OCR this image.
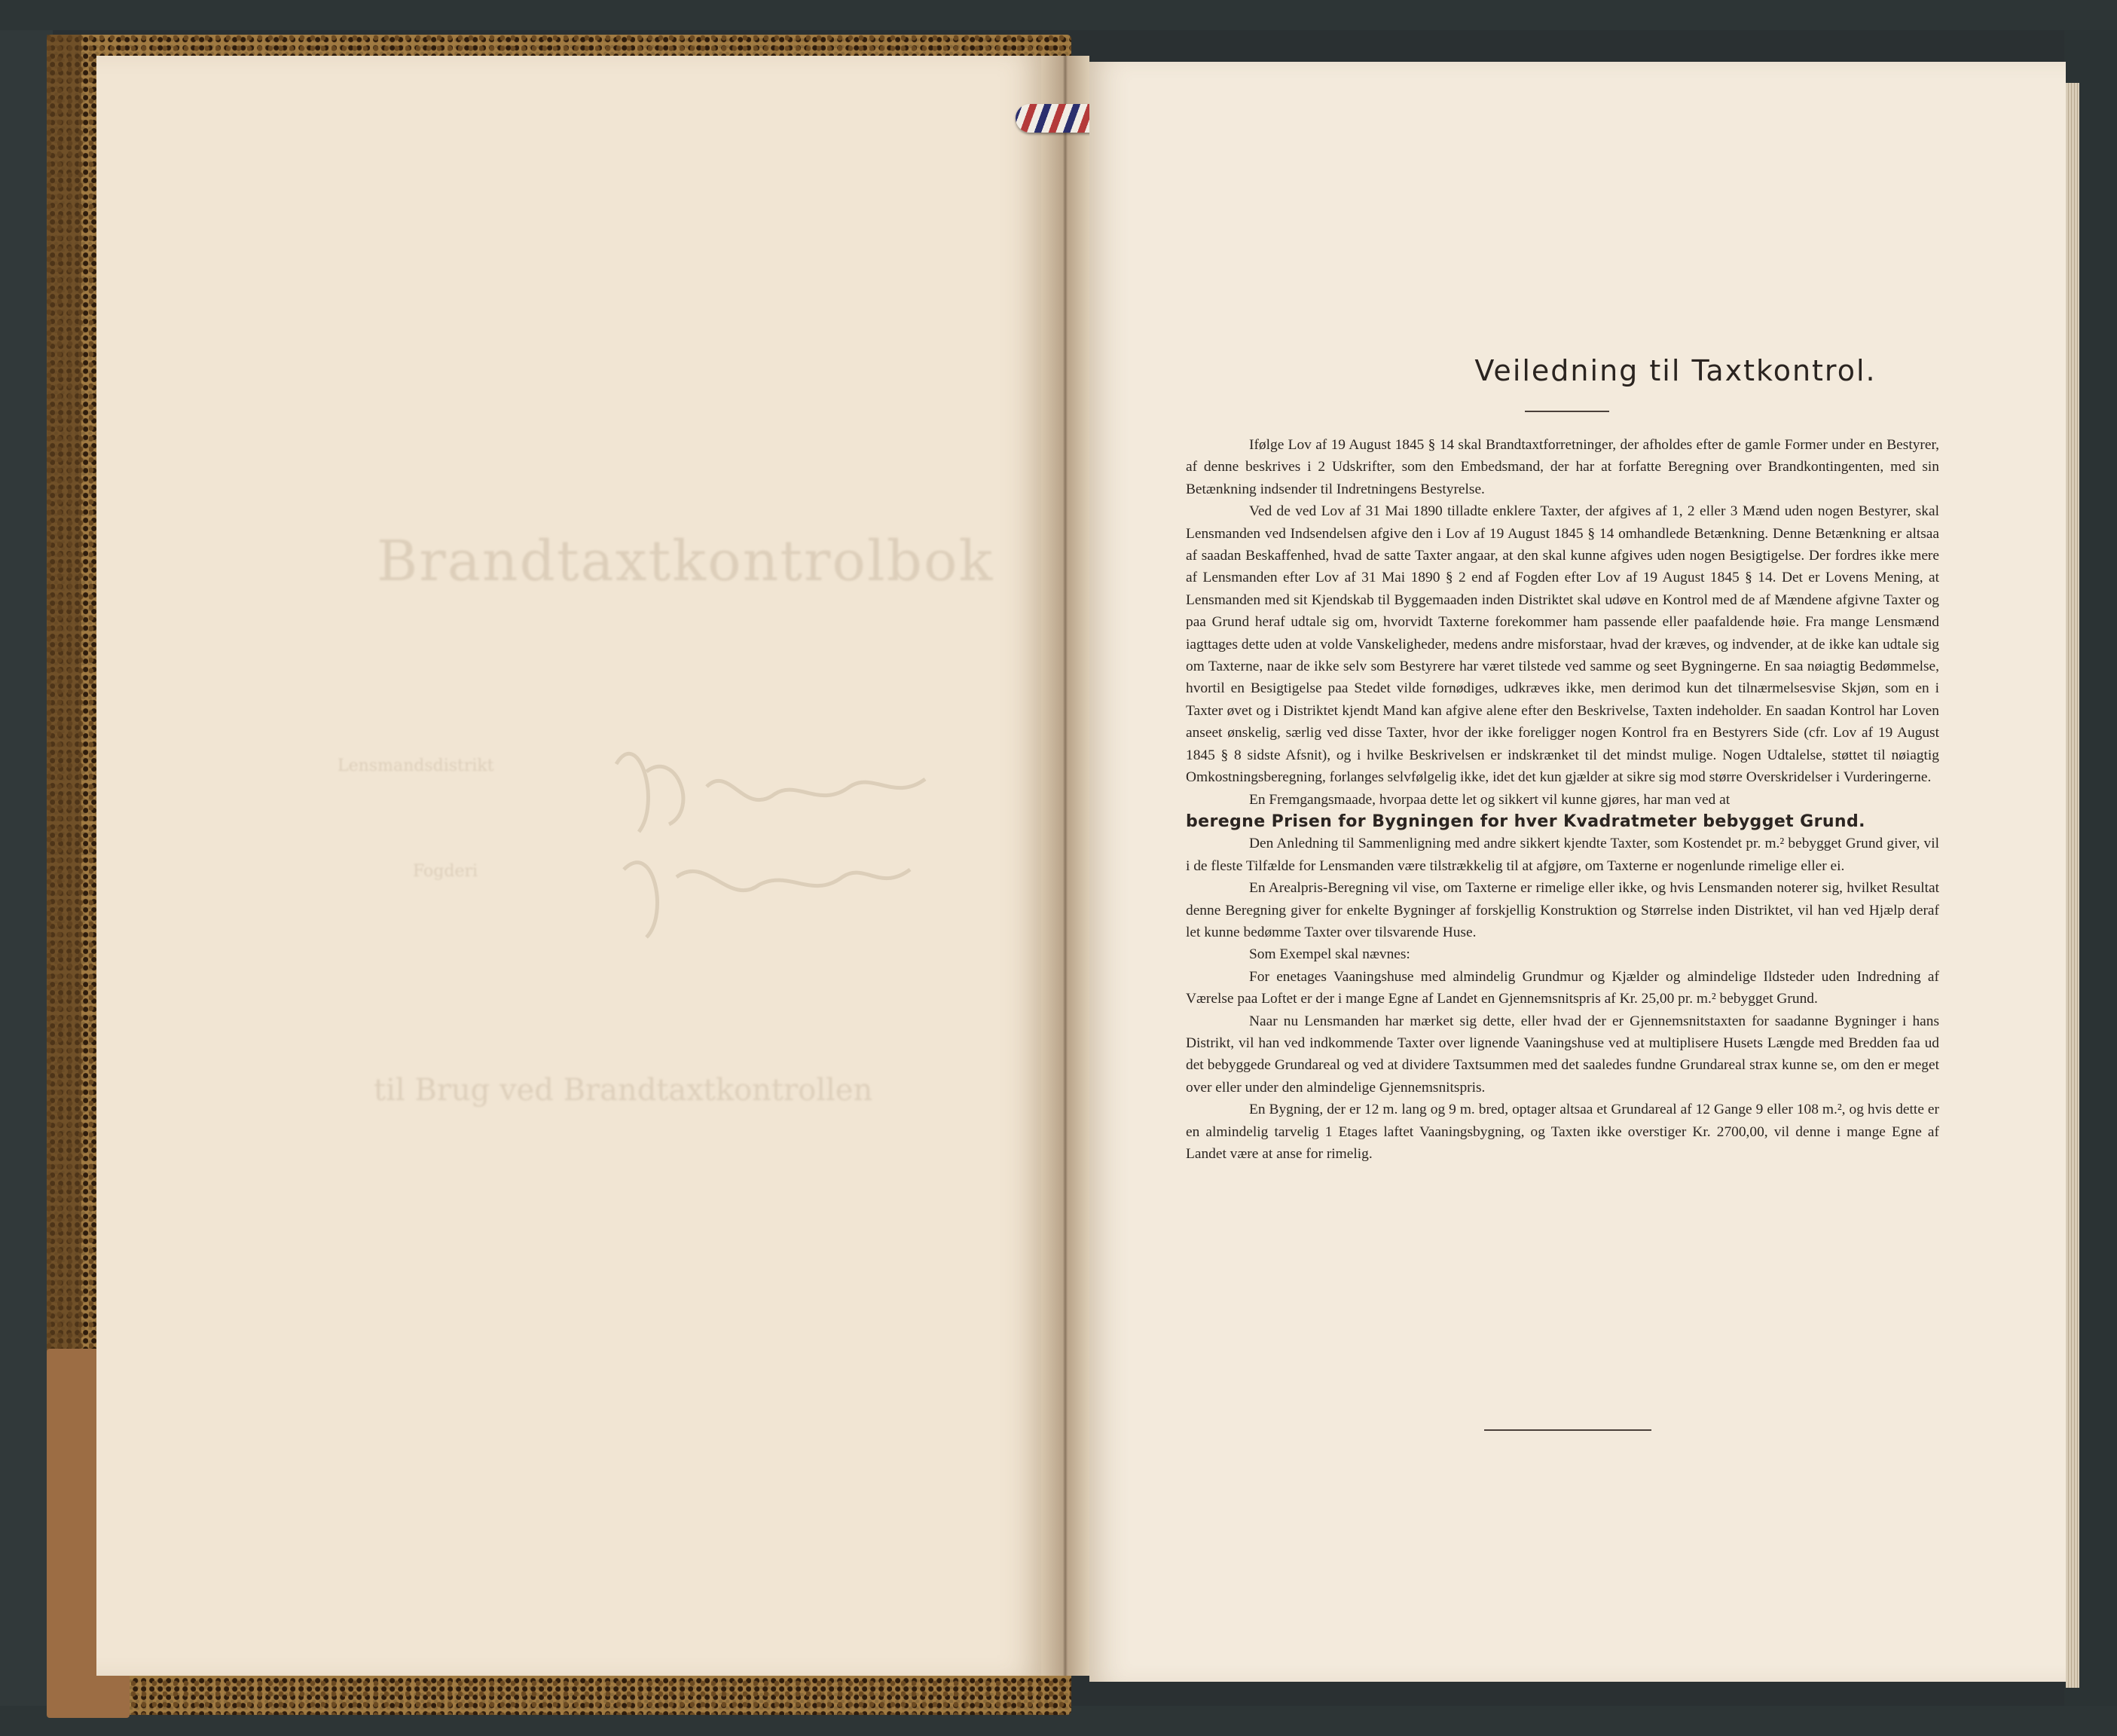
Brandtaxtkontrolbok
Lensmandsdistrikt
Fogderi
til Brug ved Brandtaxtkontrollen
Veiledning til Taxtkontrol.

Ifølge Lov af 19 August 1845 § 14 skal Brandtaxtforretninger, der afholdes efter de gamle Former under en Bestyrer, af denne beskrives i 2 Udskrifter, som den Embedsmand, der har at forfatte Beregning over Brandkontingenten, med sin Betænkning indsender til Indretningens Bestyrelse.

Ved de ved Lov af 31 Mai 1890 tilladte enklere Taxter, der afgives af 1, 2 eller 3 Mænd uden nogen Bestyrer, skal Lensmanden ved Indsendelsen afgive den i Lov af 19 August 1845 § 14 omhandlede Betænkning. Denne Betænkning er altsaa af saadan Beskaffenhed, hvad de satte Taxter angaar, at den skal kunne afgives uden nogen Besigtigelse. Der fordres ikke mere af Lensmanden efter Lov af 31 Mai 1890 § 2 end af Fogden efter Lov af 19 August 1845 § 14. Det er Lovens Mening, at Lensmanden med sit Kjendskab til Byggemaaden inden Distriktet skal udøve en Kontrol med de af Mændene afgivne Taxter og paa Grund heraf udtale sig om, hvorvidt Taxterne forekommer ham passende eller paafaldende høie. Fra mange Lensmænd iagttages dette uden at volde Vanskeligheder, medens andre misforstaar, hvad der kræves, og indvender, at de ikke kan udtale sig om Taxterne, naar de ikke selv som Bestyrere har været tilstede ved samme og seet Bygningerne. En saa nøiagtig Bedømmelse, hvortil en Besigtigelse paa Stedet vilde fornødiges, udkræves ikke, men derimod kun det tilnærmelsesvise Skjøn, som en i Taxter øvet og i Distriktet kjendt Mand kan afgive alene efter den Beskrivelse, Taxten indeholder. En saadan Kontrol har Loven anseet ønskelig, særlig ved disse Taxter, hvor der ikke foreligger nogen Kontrol fra en Bestyrers Side (cfr. Lov af 19 August 1845 § 8 sidste Afsnit), og i hvilke Beskrivelsen er indskrænket til det mindst mulige. Nogen Udtalelse, støttet til nøiagtig Omkostningsberegning, forlanges selvfølgelig ikke, idet det kun gjælder at sikre sig mod større Overskridelser i Vurderingerne.

En Fremgangsmaade, hvorpaa dette let og sikkert vil kunne gjøres, har man ved at

beregne Prisen for Bygningen for hver Kvadratmeter bebygget Grund.

Den Anledning til Sammenligning med andre sikkert kjendte Taxter, som Kostendet pr. m.² bebygget Grund giver, vil i de fleste Tilfælde for Lensmanden være tilstrækkelig til at afgjøre, om Taxterne er nogenlunde rimelige eller ei.

En Arealpris-Beregning vil vise, om Taxterne er rimelige eller ikke, og hvis Lensmanden noterer sig, hvilket Resultat denne Beregning giver for enkelte Bygninger af forskjellig Konstruktion og Størrelse inden Distriktet, vil han ved Hjælp deraf let kunne bedømme Taxter over tilsvarende Huse.

Som Exempel skal nævnes:

For enetages Vaaningshuse med almindelig Grundmur og Kjælder og almindelige Ildsteder uden Indredning af Værelse paa Loftet er der i mange Egne af Landet en Gjennemsnitspris af Kr. 25,00 pr. m.² bebygget Grund.

Naar nu Lensmanden har mærket sig dette, eller hvad der er Gjennemsnitstaxten for saadanne Bygninger i hans Distrikt, vil han ved indkommende Taxter over lignende Vaaningshuse ved at multiplisere Husets Længde med Bredden faa ud det bebyggede Grundareal og ved at dividere Taxtsummen med det saaledes fundne Grundareal strax kunne se, om den er meget over eller under den almindelige Gjennemsnitspris.

En Bygning, der er 12 m. lang og 9 m. bred, optager altsaa et Grundareal af 12 Gange 9 eller 108 m.², og hvis dette er en almindelig tarvelig 1 Etages laftet Vaaningsbygning, og Taxten ikke overstiger Kr. 2700,00, vil denne i mange Egne af Landet være at anse for rimelig.
